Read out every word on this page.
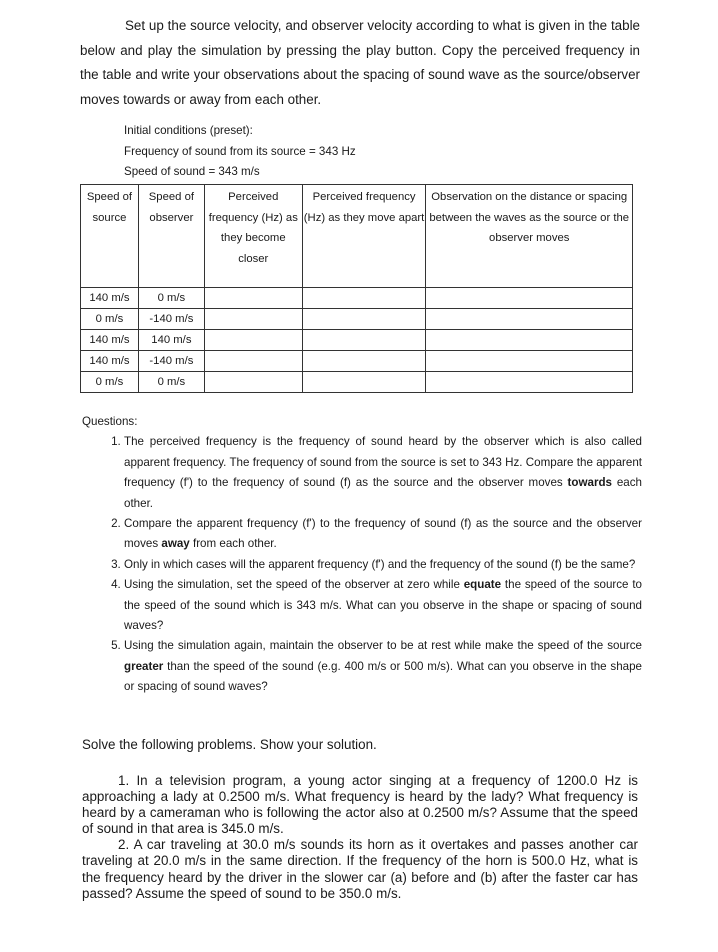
Set up the source velocity, and observer velocity according to what is given in the table below and play the simulation by pressing the play button. Copy the perceived frequency in the table and write your observations about the spacing of sound wave as the source/observer moves towards or away from each other.
Initial conditions (preset):
Frequency of sound from its source = 343 Hz
Speed of sound = 343 m/s
Speed of source	Speed of observer	Perceived frequency (Hz) as they become closer	Perceived frequency (Hz) as they move apart	Observation on the distance or spacing between the waves as the source or the observer moves
140 m/s	0 m/s			
0 m/s	-140 m/s			
140 m/s	140 m/s			
140 m/s	-140 m/s			
0 m/s	0 m/s			
Questions:
1. The perceived frequency is the frequency of sound heard by the observer which is also called apparent frequency. The frequency of sound from the source is set to 343 Hz. Compare the apparent frequency (f') to the frequency of sound (f) as the source and the observer moves towards each other.
2. Compare the apparent frequency (f') to the frequency of sound (f) as the source and the observer moves away from each other.
3. Only in which cases will the apparent frequency (f') and the frequency of the sound (f) be the same?
4. Using the simulation, set the speed of the observer at zero while equate the speed of the source to the speed of the sound which is 343 m/s. What can you observe in the shape or spacing of sound waves?
5. Using the simulation again, maintain the observer to be at rest while make the speed of the source greater than the speed of the sound (e.g. 400 m/s or 500 m/s). What can you observe in the shape or spacing of sound waves?
Solve the following problems. Show your solution.

1. In a television program, a young actor singing at a frequency of 1200.0 Hz is approaching a lady at 0.2500 m/s. What frequency is heard by the lady? What frequency is heard by a cameraman who is following the actor also at 0.2500 m/s? Assume that the speed of sound in that area is 345.0 m/s.

2. A car traveling at 30.0 m/s sounds its horn as it overtakes and passes another car traveling at 20.0 m/s in the same direction. If the frequency of the horn is 500.0 Hz, what is the frequency heard by the driver in the slower car (a) before and (b) after the faster car has passed? Assume the speed of sound to be 350.0 m/s.
